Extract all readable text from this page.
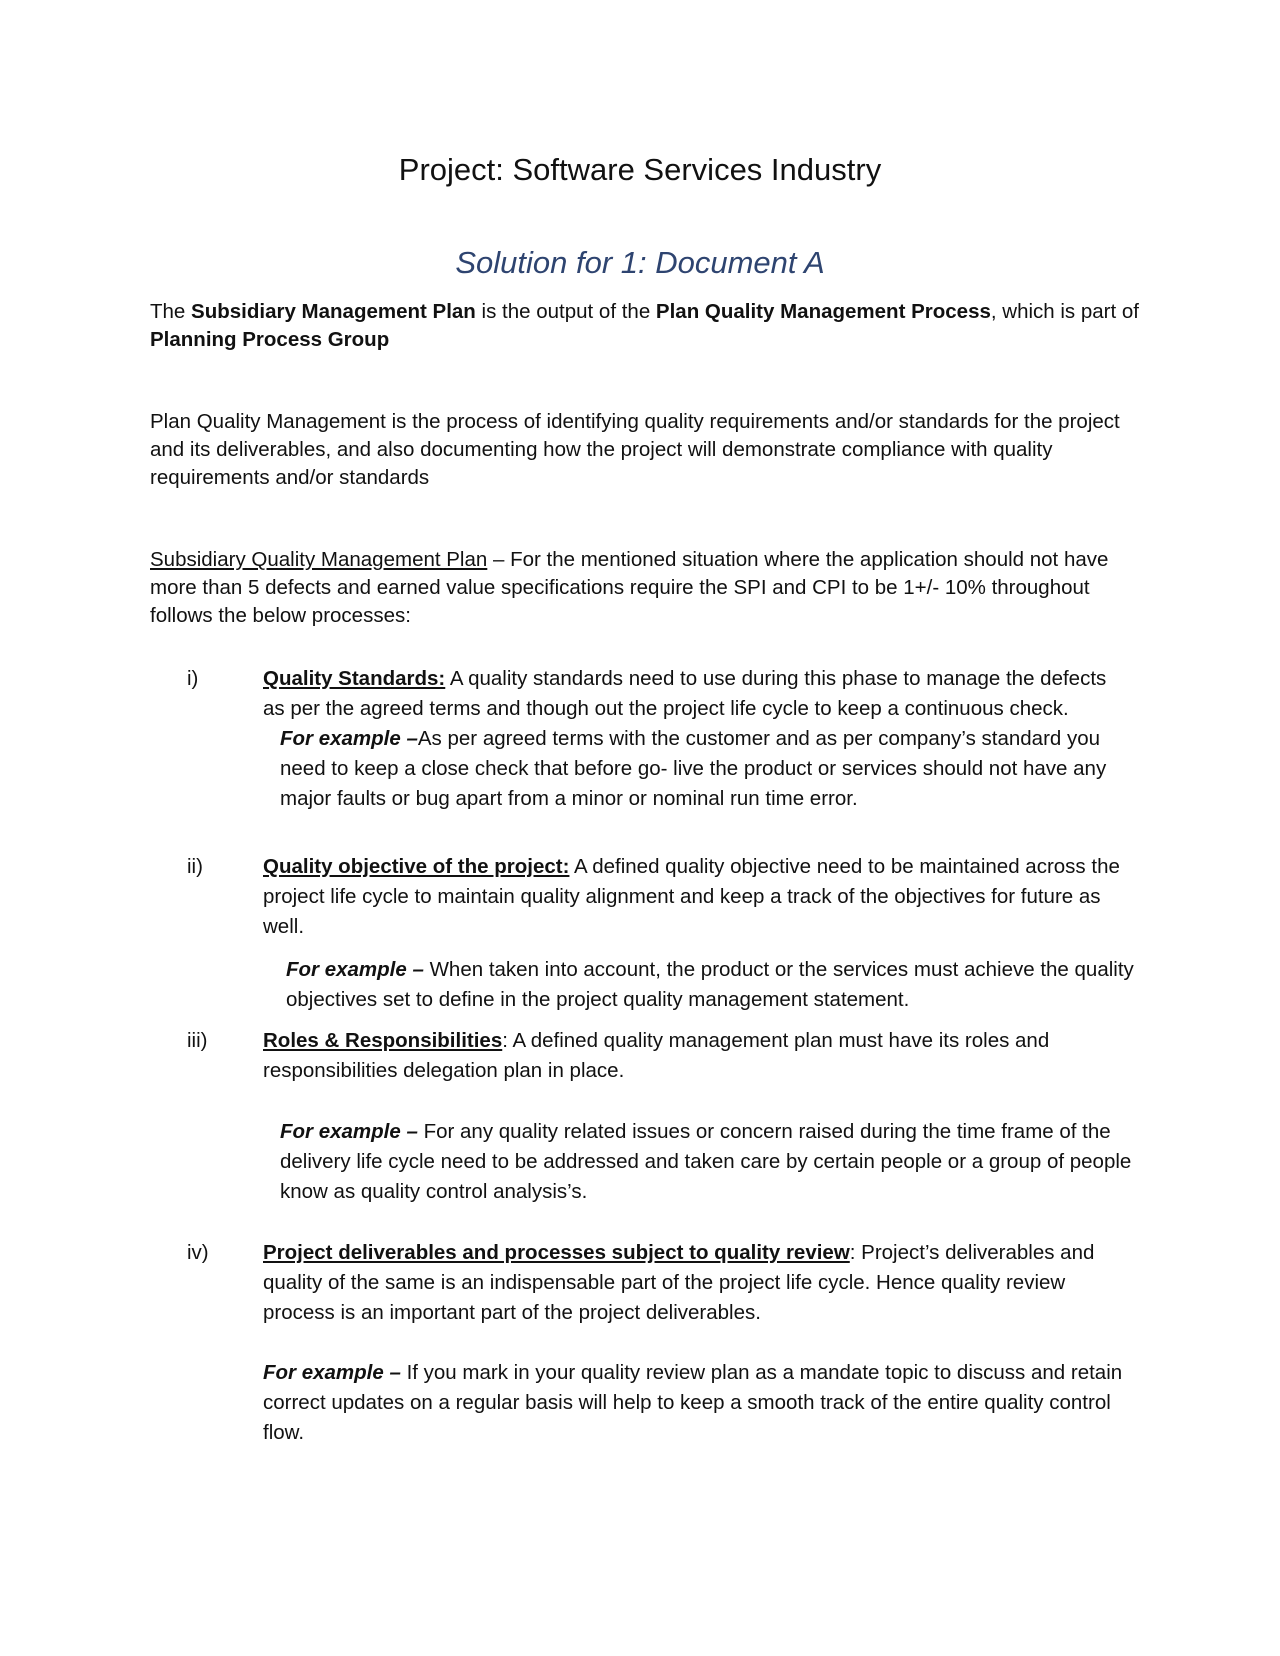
Project: Software Services Industry
Solution for 1: Document A

The Subsidiary Management Plan is the output of the Plan Quality Management Process, which is part of Planning Process Group

Plan Quality Management is the process of identifying quality requirements and/or standards for the project and its deliverables, and also documenting how the project will demonstrate compliance with quality requirements and/or standards

Subsidiary Quality Management Plan – For the mentioned situation where the application should not have more than 5 defects and earned value specifications require the SPI and CPI to be 1+/- 10% throughout follows the below processes:

i)	Quality Standards: A quality standards need to use during this phase to manage the defects as per the agreed terms and though out the project life cycle to keep a continuous check.

For example –As per agreed terms with the customer and as per company’s standard you need to keep a close check that before go- live the product or services should not have any major faults or bug apart from a minor or nominal run time error.

ii)	Quality objective of the project: A defined quality objective need to be maintained across the project life cycle to maintain quality alignment and keep a track of the objectives for future as well.

For example – When taken into account, the product or the services must achieve the quality objectives set to define in the project quality management statement.

iii)	Roles & Responsibilities: A defined quality management plan must have its roles and responsibilities delegation plan in place.

For example – For any quality related issues or concern raised during the time frame of the delivery life cycle need to be addressed and taken care by certain people or a group of people know as quality control analysis’s.

iv)	Project deliverables and processes subject to quality review: Project’s deliverables and quality of the same is an indispensable part of the project life cycle. Hence quality review process is an important part of the project deliverables.

For example – If you mark in your quality review plan as a mandate topic to discuss and retain correct updates on a regular basis will help to keep a smooth track of the entire quality control flow.
